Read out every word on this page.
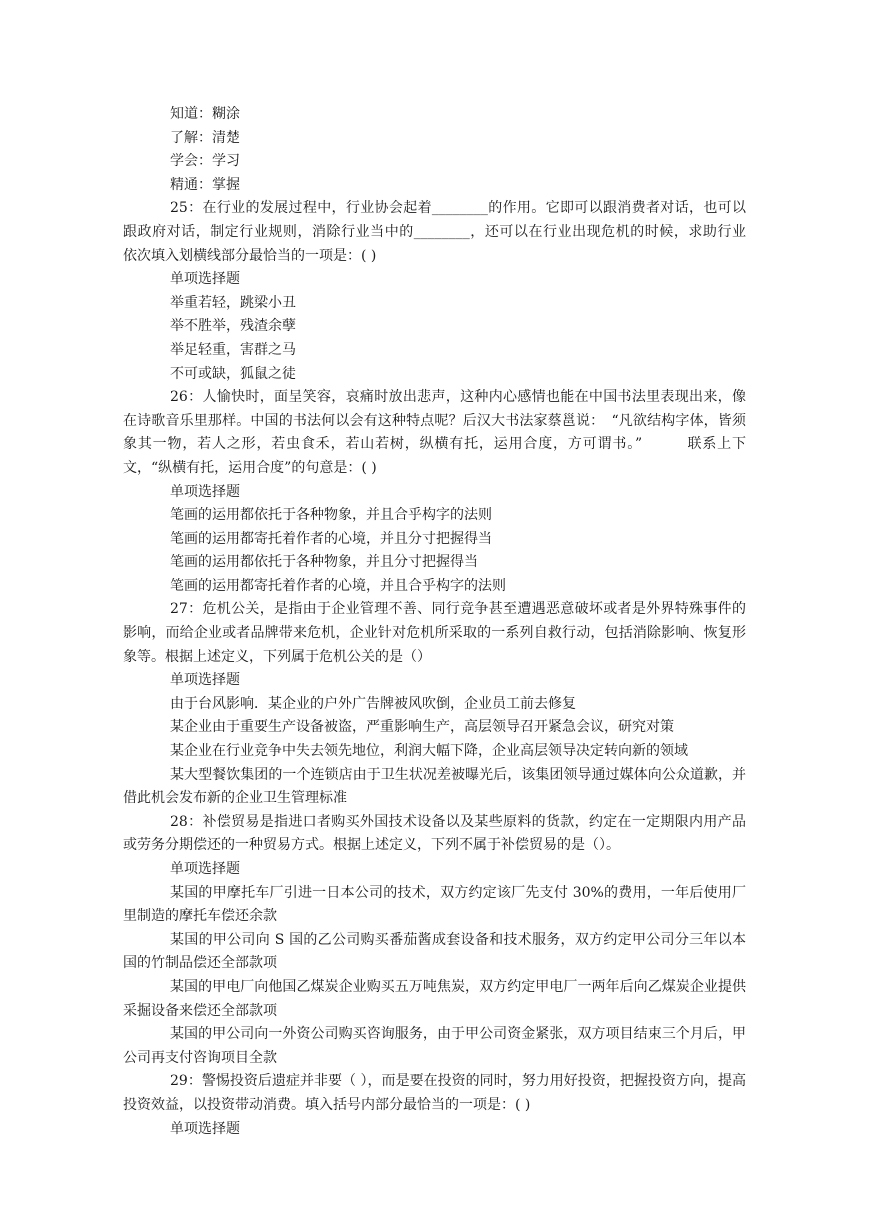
知道：糊涂
了解：清楚
学会：学习
精通：掌握
25：在行业的发展过程中，行业协会起着________的作用。它即可以跟消费者对话，也可以跟政府对话，制定行业规则，消除行业当中的________，还可以在行业出现危机的时候，求助行业　　依次填入划横线部分最恰当的一项是：( )
单项选择题
举重若轻，跳梁小丑
举不胜举，残渣余孽
举足轻重，害群之马
不可或缺，狐鼠之徒
26：人愉快时，面呈笑容，哀痛时放出悲声，这种内心感情也能在中国书法里表现出来，像在诗歌音乐里那样。中国的书法何以会有这种特点呢？后汉大书法家蔡邕说：　“凡欲结构字体，皆须象其一物，若人之形，若虫食禾，若山若树，纵横有托，运用合度，方可谓书。”　　　联系上下文，“纵横有托，运用合度”的句意是：( )
单项选择题
笔画的运用都依托于各种物象，并且合乎构字的法则
笔画的运用都寄托着作者的心境，并且分寸把握得当
笔画的运用都依托于各种物象，并且分寸把握得当
笔画的运用都寄托着作者的心境，并且合乎构字的法则
27：危机公关，是指由于企业管理不善、同行竞争甚至遭遇恶意破坏或者是外界特殊事件的影响，而给企业或者品牌带来危机，企业针对危机所采取的一系列自救行动，包括消除影响、恢复形象等。根据上述定义，下列属于危机公关的是（）
单项选择题
由于台风影响．某企业的户外广告牌被风吹倒，企业员工前去修复
某企业由于重要生产设备被盗，严重影响生产，高层领导召开紧急会议，研究对策
某企业在行业竞争中失去领先地位，利润大幅下降，企业高层领导决定转向新的领域
某大型餐饮集团的一个连锁店由于卫生状况差被曝光后，该集团领导通过媒体向公众道歉，并借此机会发布新的企业卫生管理标准
28：补偿贸易是指进口者购买外国技术设备以及某些原料的货款，约定在一定期限内用产品或劳务分期偿还的一种贸易方式。根据上述定义，下列不属于补偿贸易的是（）。
单项选择题
某国的甲摩托车厂引进一日本公司的技术，双方约定该厂先支付 30%的费用，一年后使用厂里制造的摩托车偿还余款
某国的甲公司向 S 国的乙公司购买番茄酱成套设备和技术服务，双方约定甲公司分三年以本国的竹制品偿还全部款项
某国的甲电厂向他国乙煤炭企业购买五万吨焦炭，双方约定甲电厂一两年后向乙煤炭企业提供采掘设备来偿还全部款项
某国的甲公司向一外资公司购买咨询服务，由于甲公司资金紧张，双方项目结束三个月后，甲公司再支付咨询项目全款
29：警惕投资后遗症并非要（ ），而是要在投资的同时，努力用好投资，把握投资方向，提高投资效益，以投资带动消费。填入括号内部分最恰当的一项是：( )
单项选择题
